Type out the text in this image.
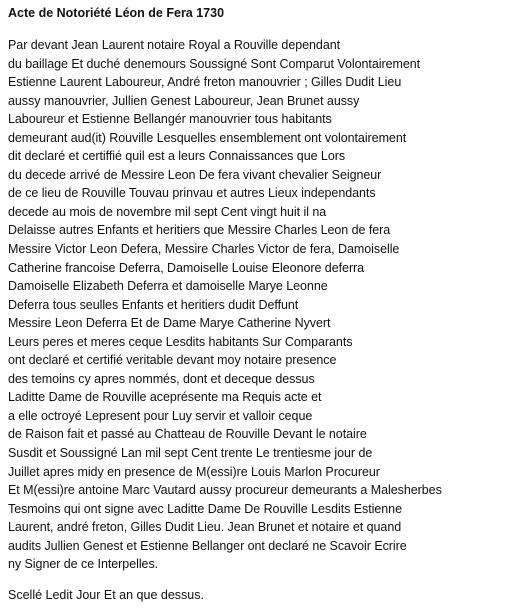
Acte de Notoriété Léon de Fera 1730
Par devant Jean Laurent notaire Royal a Rouville dependant
du baillage Et duché denemours Soussigné Sont Comparut Volontairement
Estienne Laurent Laboureur, André freton manouvrier ; Gilles Dudit Lieu
aussy manouvrier, Jullien Genest Laboureur, Jean Brunet aussy
Laboureur et Estienne Bellangér manouvrier tous habitants
demeurant aud(it) Rouville Lesquelles ensemblement ont volontairement
dit declaré et certiffié quil est a leurs Connaissances que Lors
du decede arrivé de Messire Leon De fera vivant chevalier Seigneur
de ce lieu de Rouville Touvau prinvau et autres Lieux independants
decede au mois de novembre mil sept Cent vingt huit il na
Delaisse autres Enfants et heritiers que Messire Charles Leon de fera
Messire Victor Leon Defera, Messire Charles Victor de fera, Damoiselle
Catherine francoise Deferra, Damoiselle Louise Eleonore deferra
Damoiselle Elizabeth Deferra et damoiselle Marye Leonne
Deferra tous seulles Enfants et heritiers dudit Deffunt
Messire Leon Deferra Et de Dame Marye Catherine Nyvert
Leurs peres et meres ceque Lesdits habitants Sur Comparants
ont declaré et certifié veritable devant moy notaire presence
des temoins cy apres nommés, dont et deceque dessus
Laditte Dame de Rouville aceprésente ma Requis acte et
a elle octroyé Lepresent pour Luy servir et valloir ceque
de Raison fait et passé au Chatteau de Rouville Devant le notaire
Susdit et Soussigné Lan mil sept Cent trente Le trentiesme jour de
Juillet apres midy en presence de M(essi)re Louis Marlon Procureur
Et M(essi)re antoine Marc Vautard aussy procureur demeurants a Malesherbes
Tesmoins qui ont signe avec Laditte Dame De Rouville Lesdits Estienne
Laurent, andré freton, Gilles Dudit Lieu. Jean Brunet et notaire et quand
audits Jullien Genest et Estienne Bellanger ont declaré ne Scavoir Ecrire
ny Signer de ce Interpelles.
Scellé Ledit Jour Et an que dessus.
